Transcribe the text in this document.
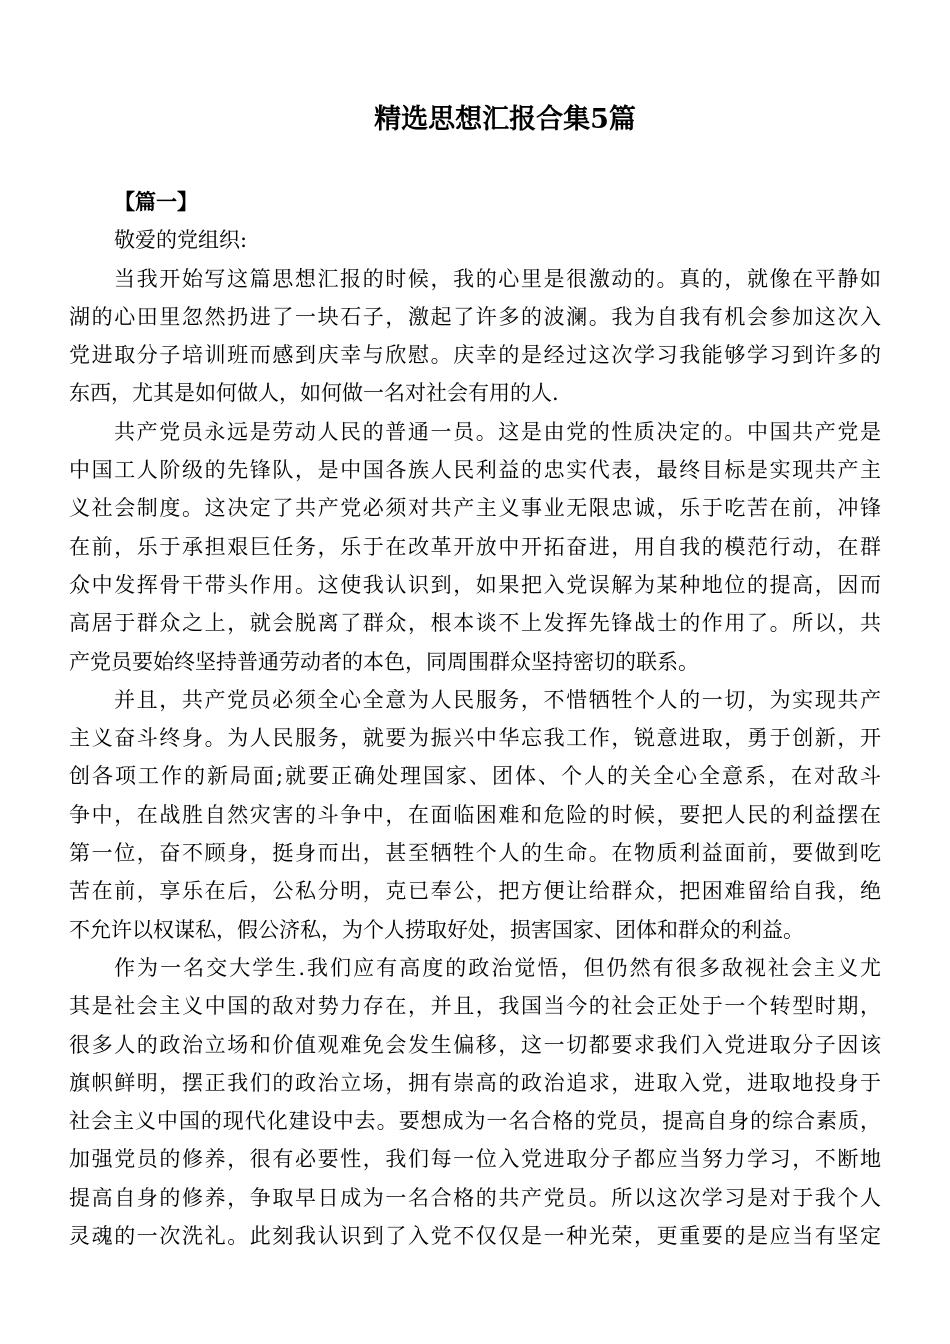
精选思想汇报合集5篇
【篇一】
敬爱的党组织:
当我开始写这篇思想汇报的时候，我的心里是很激动的。真的，就像在平静如
湖的心田里忽然扔进了一块石子，激起了许多的波澜。我为自我有机会参加这次入
党进取分子培训班而感到庆幸与欣慰。庆幸的是经过这次学习我能够学习到许多的
东西，尤其是如何做人，如何做一名对社会有用的人.
共产党员永远是劳动人民的普通一员。这是由党的性质决定的。中国共产党是
中国工人阶级的先锋队，是中国各族人民利益的忠实代表，最终目标是实现共产主
义社会制度。这决定了共产党必须对共产主义事业无限忠诚，乐于吃苦在前，冲锋
在前，乐于承担艰巨任务，乐于在改革开放中开拓奋进，用自我的模范行动，在群
众中发挥骨干带头作用。这使我认识到，如果把入党误解为某种地位的提高，因而
高居于群众之上，就会脱离了群众，根本谈不上发挥先锋战士的作用了。所以，共
产党员要始终坚持普通劳动者的本色，同周围群众坚持密切的联系。
并且，共产党员必须全心全意为人民服务，不惜牺牲个人的一切，为实现共产
主义奋斗终身。为人民服务，就要为振兴中华忘我工作，锐意进取，勇于创新，开
创各项工作的新局面;就要正确处理国家、团体、个人的关全心全意系，在对敌斗
争中，在战胜自然灾害的斗争中，在面临困难和危险的时候，要把人民的利益摆在
第一位，奋不顾身，挺身而出，甚至牺牲个人的生命。在物质利益面前，要做到吃
苦在前，享乐在后，公私分明，克已奉公，把方便让给群众，把困难留给自我，绝
不允许以权谋私，假公济私，为个人捞取好处，损害国家、团体和群众的利益。
作为一名交大学生.我们应有高度的政治觉悟，但仍然有很多敌视社会主义尤
其是社会主义中国的敌对势力存在，并且，我国当今的社会正处于一个转型时期，
很多人的政治立场和价值观难免会发生偏移，这一切都要求我们入党进取分子因该
旗帜鲜明，摆正我们的政治立场，拥有崇高的政治追求，进取入党，进取地投身于
社会主义中国的现代化建设中去。要想成为一名合格的党员，提高自身的综合素质，
加强党员的修养，很有必要性，我们每一位入党进取分子都应当努力学习，不断地
提高自身的修养，争取早日成为一名合格的共产党员。所以这次学习是对于我个人
灵魂的一次洗礼。此刻我认识到了入党不仅仅是一种光荣，更重要的是应当有坚定
